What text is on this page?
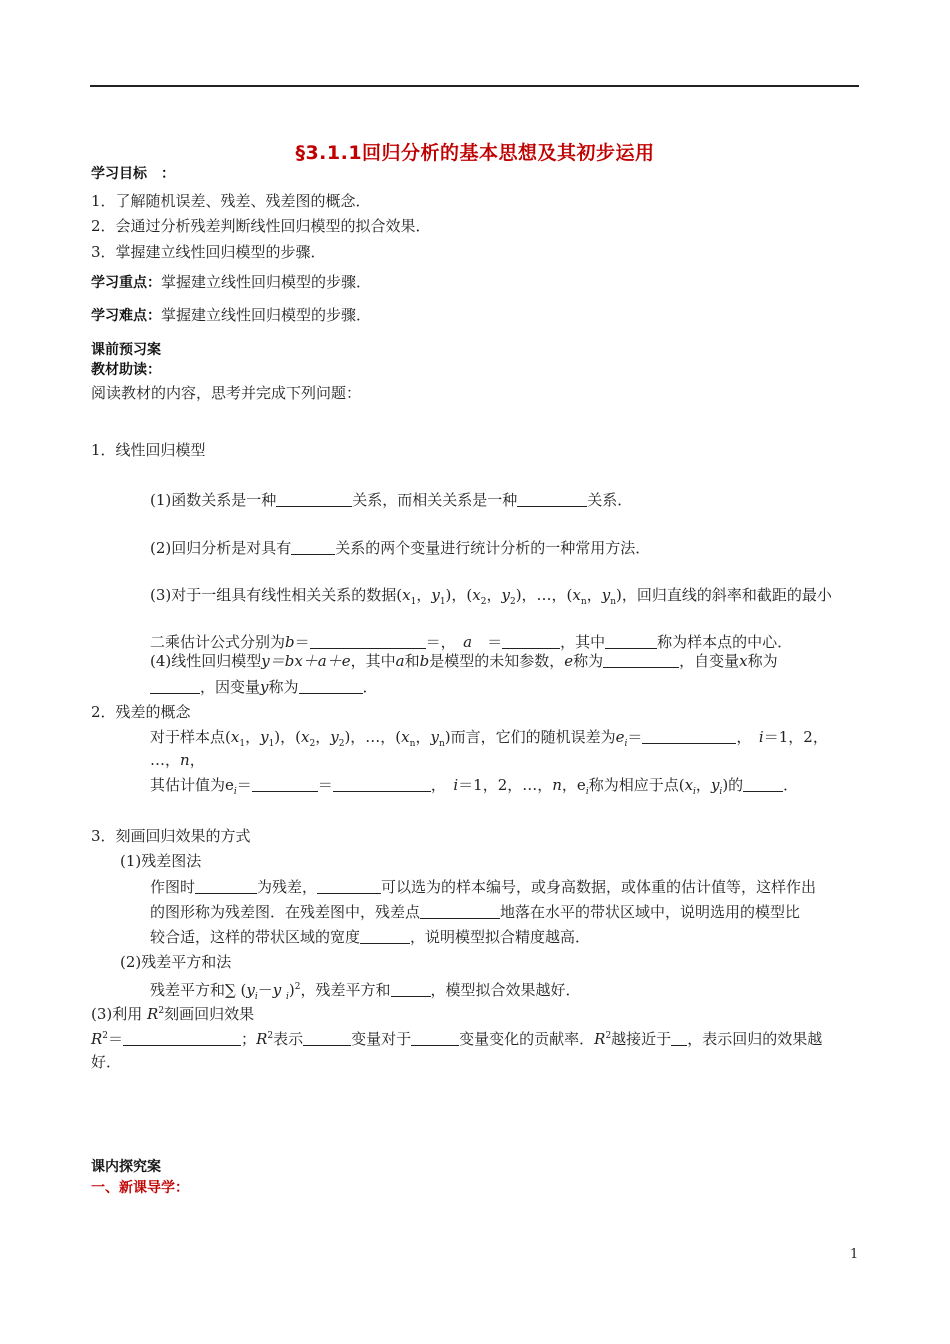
§3.1.1回归分析的基本思想及其初步运用
学习目标　：
1．了解随机误差、残差、残差图的概念．
2．会通过分析残差判断线性回归模型的拟合效果．
3．掌握建立线性回归模型的步骤．
学习重点：掌握建立线性回归模型的步骤．
学习难点：掌握建立线性回归模型的步骤．
课前预习案
教材助读：
阅读教材的内容，思考并完成下列问题：
1．线性回归模型
(1)函数关系是一种	关系，而相关关系是一种	关系．
(2)回归分析是对具有	关系的两个变量进行统计分析的一种常用方法．
(3)对于一组具有线性相关关系的数据($x_1$，$y_1$)，($x_2$，$y_2$)，…，($x_n$，$y_n$)，回归直线的斜率和截距的最小
二乘估计公式分别为b＝	＝，　 a　 ＝	，其中	称为样本点的中心．
(4)线性回归模型y＝bx＋a＋e，其中a和b是模型的未知参数，e称为	，自变量x称为
，因变量y称为	．
2．残差的概念
对于样本点($x_1$，$y_1$)，($x_2$，$y_2$)，…，($x_n$，$y_n$)而言，它们的随机误差为$e_i=$	，　 i＝1，2，
…，n，
其估计值为$e_i=$	＝	，　 i＝1，2，…，n，$e_i$称为相应于点($x_i$，$y_i$)的	．
3．刻画回归效果的方式
(1)残差图法
作图时	为残差，	可以选为的样本编号，或身高数据，或体重的估计值等，这样作出
的图形称为残差图．在残差图中，残差点	地落在水平的带状区域中，说明选用的模型比
较合适，这样的带状区域的宽度	，说明模型拟合精度越高．
(2)残差平方和法
残差平方和∑ ($y_i-y$ $_i$)$^2$，残差平方和	，模型拟合效果越好．
(3)利用 $R^2$刻画回归效果
$R^2=$	；$R^2$表示	变量对于	变量变化的贡献率．$R^2$越接近于 ，表示回归的效果越
好．
课内探究案
一、新课导学：
1
